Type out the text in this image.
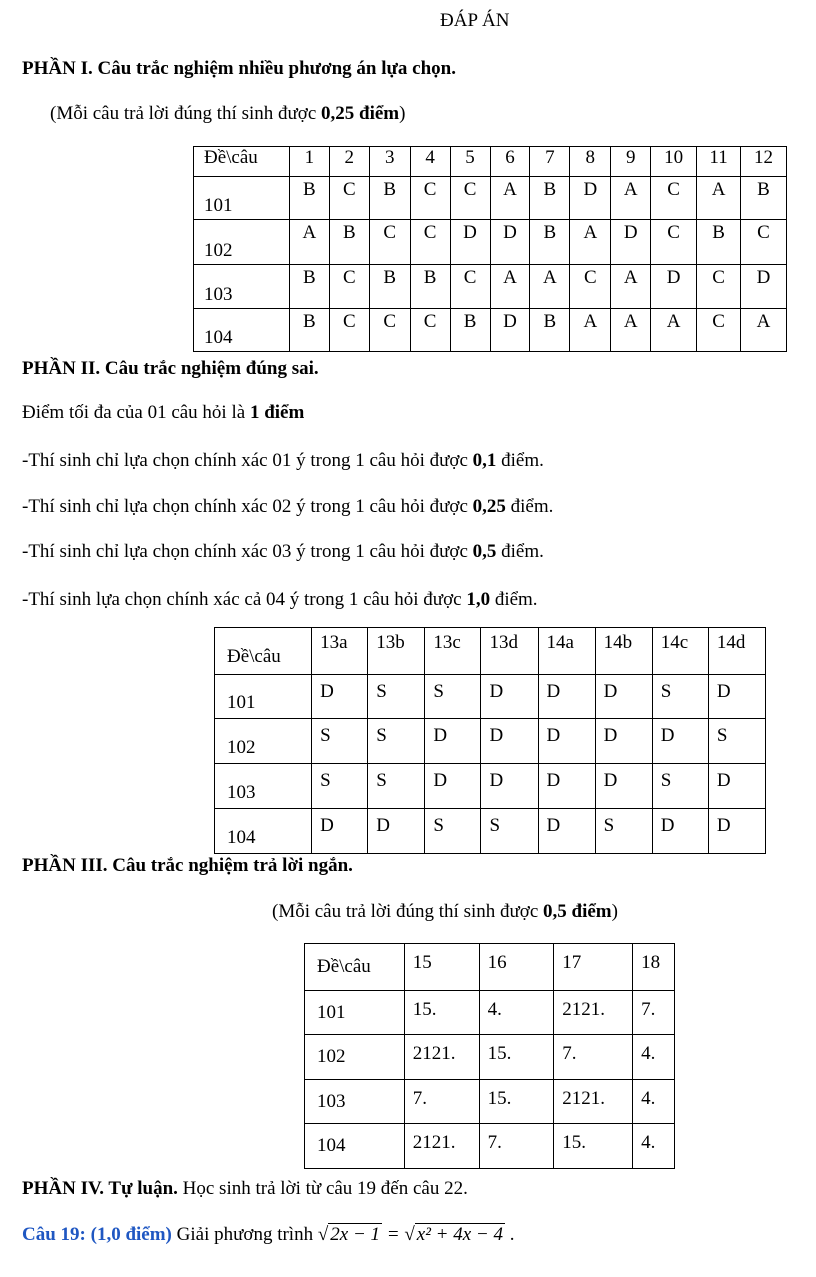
ĐÁP ÁN
PHẦN I. Câu trắc nghiệm nhiều phương án lựa chọn.
(Mỗi câu trả lời đúng thí sinh được 0,25 điểm)
Đề\câu	1	2	3	4	5	6	7	8	9	10	11	12
101	B	C	B	C	C	A	B	D	A	C	A	B
102	A	B	C	C	D	D	B	A	D	C	B	C
103	B	C	B	B	C	A	A	C	A	D	C	D
104	B	C	C	C	B	D	B	A	A	A	C	A
PHẦN II. Câu trắc nghiệm đúng sai.
Điểm tối đa của 01 câu hỏi là 1 điểm
-Thí sinh chỉ lựa chọn chính xác 01 ý trong 1 câu hỏi được 0,1 điểm.
-Thí sinh chỉ lựa chọn chính xác 02 ý trong 1 câu hỏi được 0,25 điểm.
-Thí sinh chỉ lựa chọn chính xác 03 ý trong 1 câu hỏi được 0,5 điểm.
-Thí sinh lựa chọn chính xác cả 04 ý trong 1 câu hỏi được 1,0 điểm.
Đề\câu	13a	13b	13c	13d	14a	14b	14c	14d
101	D	S	S	D	D	D	S	D
102	S	S	D	D	D	D	D	S
103	S	S	D	D	D	D	S	D
104	D	D	S	S	D	S	D	D
PHẦN III. Câu trắc nghiệm trả lời ngắn.
(Mỗi câu trả lời đúng thí sinh được 0,5 điểm)
Đề\câu	15	16	17	18
101	15.	4.	2121.	7.
102	2121.	15.	7.	4.
103	7.	15.	2121.	4.
104	2121.	7.	15.	4.
PHẦN IV. Tự luận. Học sinh trả lời từ câu 19 đến câu 22.
Câu 19: (1,0 điểm) Giải phương trình √ 2x − 1 = √ x² + 4x − 4 .
